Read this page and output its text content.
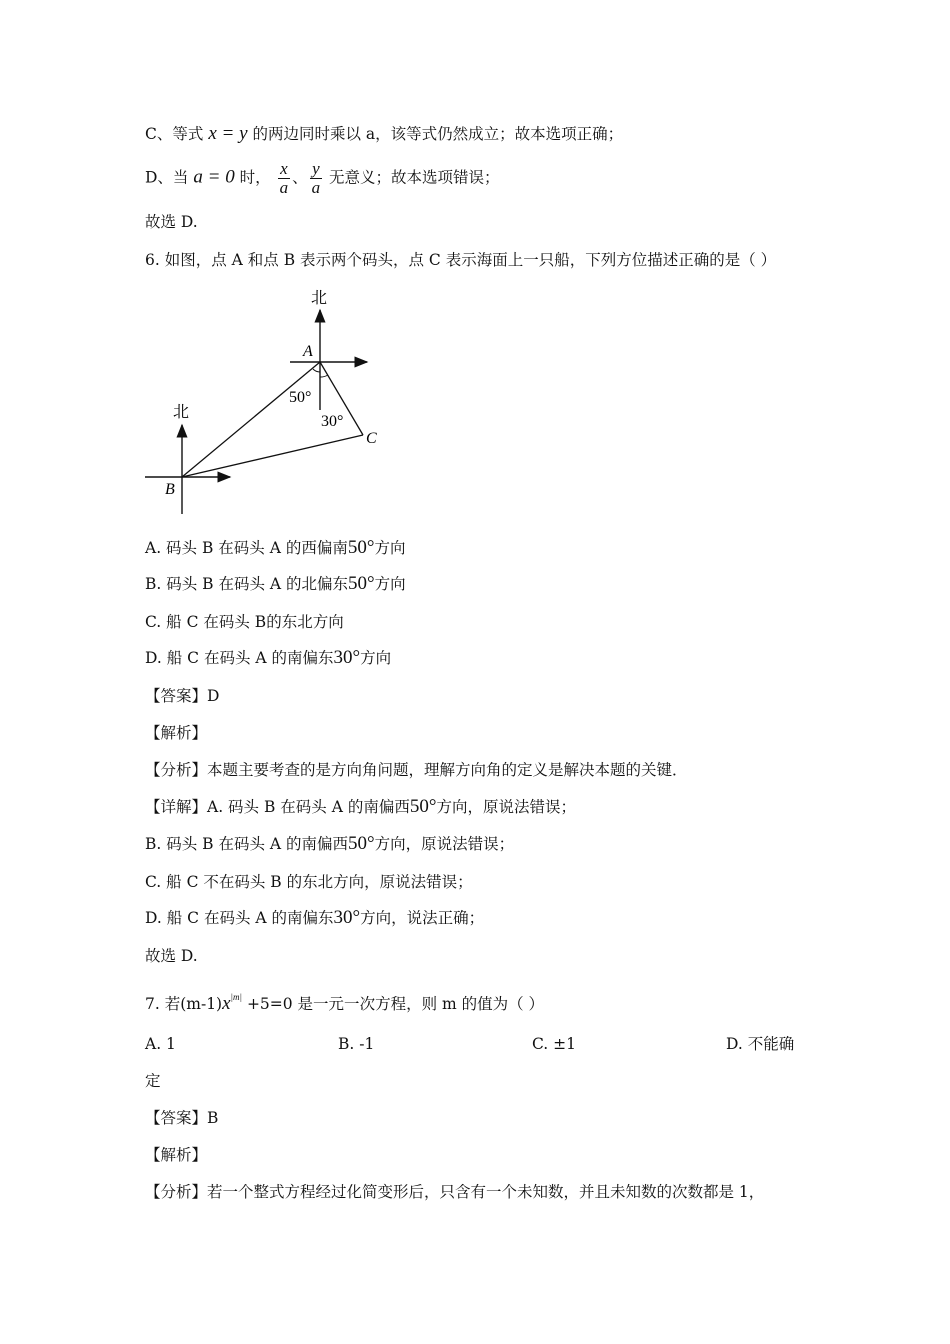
C、等式 x = y 的两边同时乘以 a，该等式仍然成立；故本选项正确；
D、当 a = 0 时， $\frac{x}{a}$ 、 $\frac{y}{a}$ 无意义；故本选项错误；
故选 D.
6. 如图，点 A 和点 B 表示两个码头，点 C 表示海面上一只船，下列方位描述正确的是（ ）
北
北
A
B
C
50°
30°
A. 码头 B 在码头 A 的西偏南50°方向
B. 码头 B 在码头 A 的北偏东50°方向
C. 船 C 在码头 B的东北方向
D. 船 C 在码头 A 的南偏东30°方向
【答案】D
【解析】
【分析】本题主要考查的是方向角问题，理解方向角的定义是解决本题的关键．
【详解】A. 码头 B 在码头 A 的南偏西50°方向，原说法错误；
B. 码头 B 在码头 A 的南偏西50°方向，原说法错误；
C. 船 C 不在码头 B 的东北方向，原说法错误；
D. 船 C 在码头 A 的南偏东30°方向，说法正确；
故选 D.
7. 若$(m-1)x^{|m|} +5=0$ 是一元一次方程，则 m 的值为（ ）
A. 1	B. -1	C. ±1	D. 不能确
定
【答案】B
【解析】
【分析】若一个整式方程经过化简变形后，只含有一个未知数，并且未知数的次数都是 1，
